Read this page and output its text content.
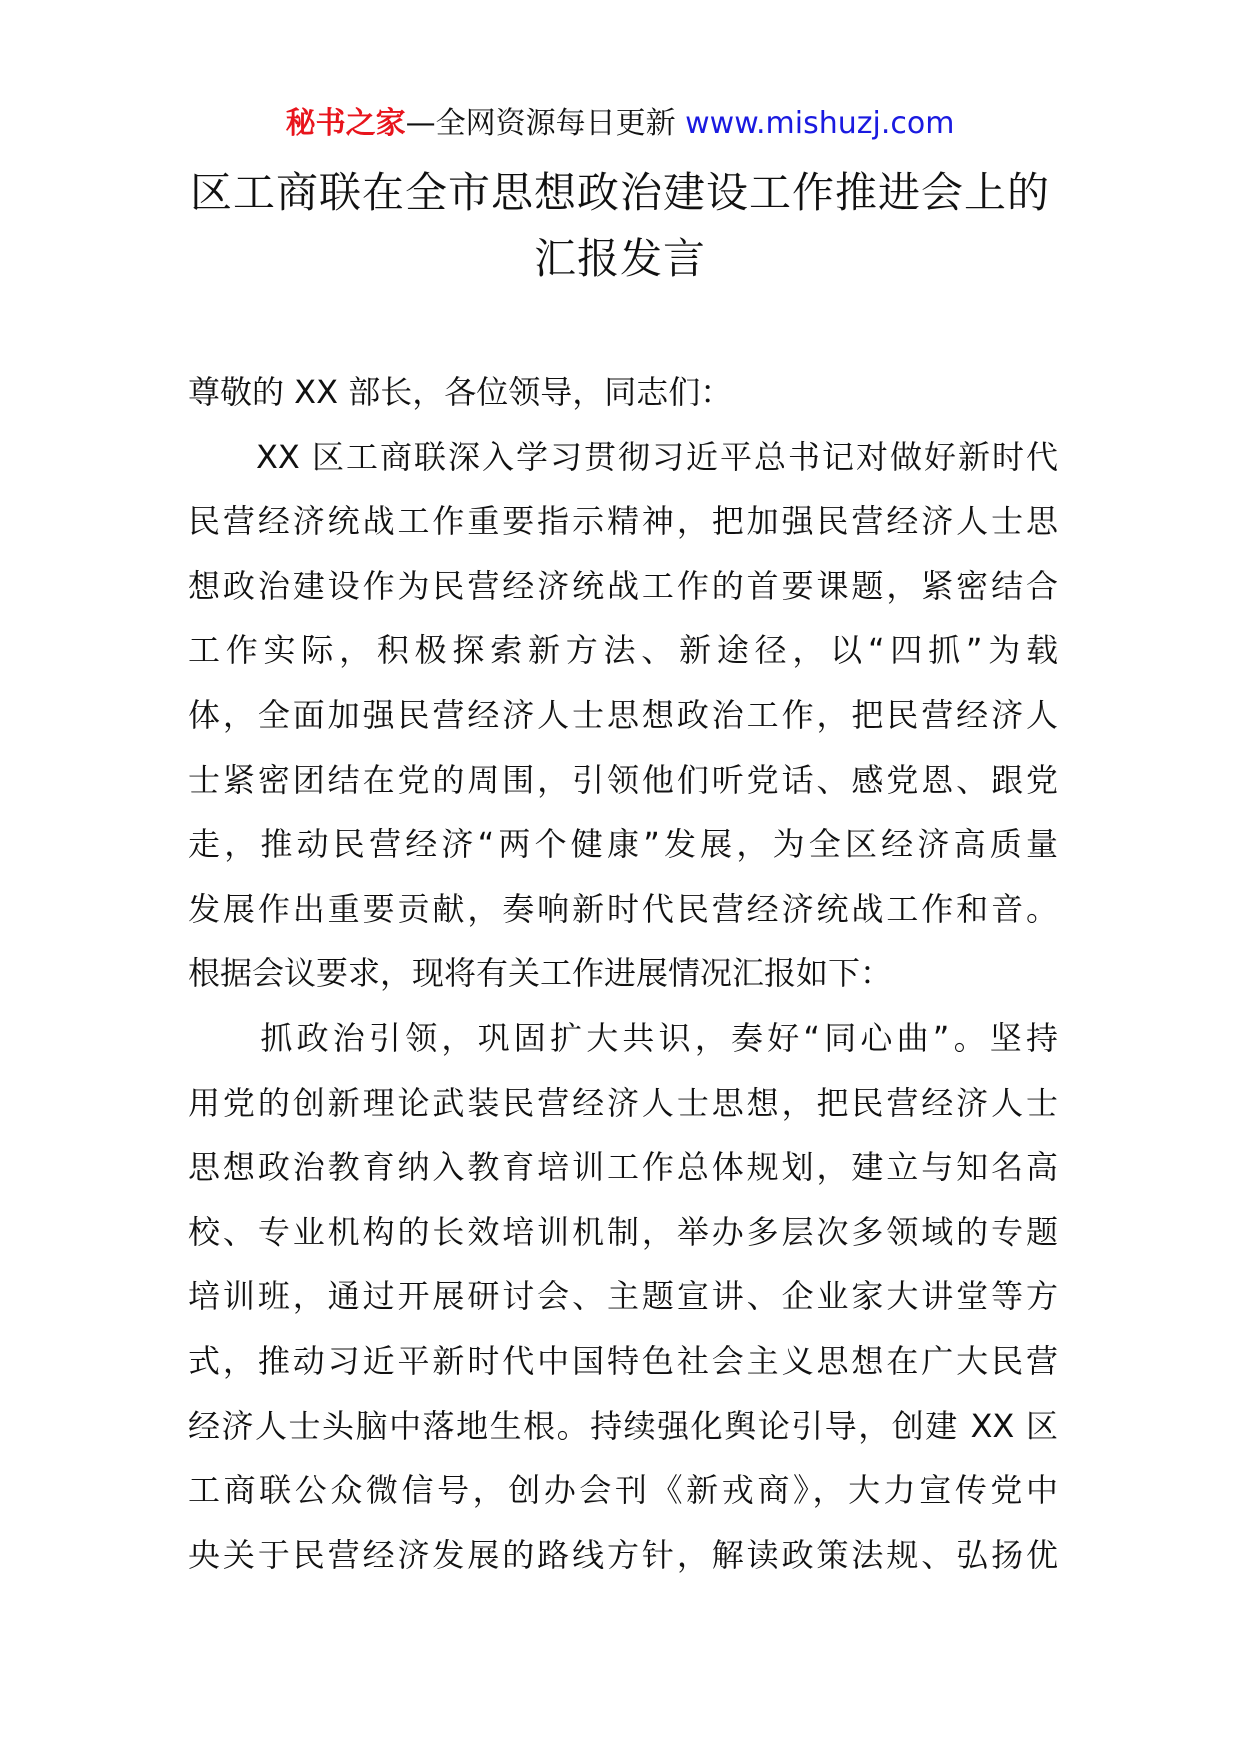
秘书之家—全网资源每日更新 www.mishuzj.com
区工商联在全市思想政治建设工作推进会上的
汇报发言
尊敬的 XX 部长，各位领导，同志们：
　　XX 区工商联深入学习贯彻习近平总书记对做好新时代
民营经济统战工作重要指示精神，把加强民营经济人士思
想政治建设作为民营经济统战工作的首要课题，紧密结合
工作实际，积极探索新方法、新途径，以“四抓”为载
体，全面加强民营经济人士思想政治工作，把民营经济人
士紧密团结在党的周围，引领他们听党话、感党恩、跟党
走，推动民营经济“两个健康”发展，为全区经济高质量
发展作出重要贡献，奏响新时代民营经济统战工作和音。
根据会议要求，现将有关工作进展情况汇报如下：
　　抓政治引领，巩固扩大共识，奏好“同心曲”。坚持
用党的创新理论武装民营经济人士思想，把民营经济人士
思想政治教育纳入教育培训工作总体规划，建立与知名高
校、专业机构的长效培训机制，举办多层次多领域的专题
培训班，通过开展研讨会、主题宣讲、企业家大讲堂等方
式，推动习近平新时代中国特色社会主义思想在广大民营
经济人士头脑中落地生根。持续强化舆论引导，创建 XX 区
工商联公众微信号，创办会刊《新戎商》，大力宣传党中
央关于民营经济发展的路线方针，解读政策法规、弘扬优
